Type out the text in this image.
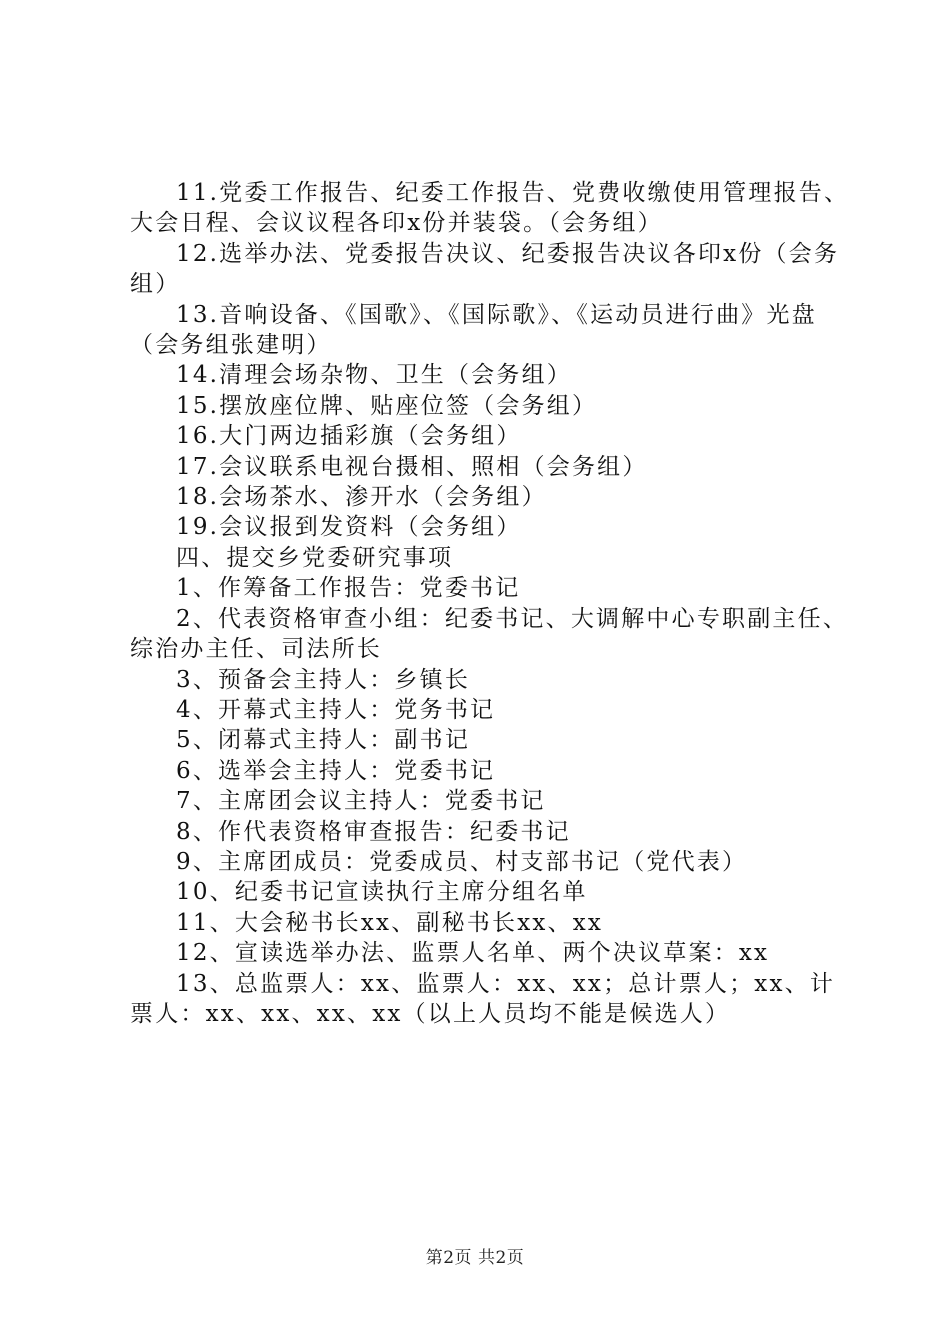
11.党委工作报告、纪委工作报告、党费收缴使用管理报告、大会日程、会议议程各印x份并装袋。（会务组）

12.选举办法、党委报告决议、纪委报告决议各印x份（会务组）

13.音响设备、《国歌》、《国际歌》、《运动员进行曲》光盘（会务组张建明）

14.清理会场杂物、卫生（会务组）

15.摆放座位牌、贴座位签（会务组）

16.大门两边插彩旗（会务组）

17.会议联系电视台摄相、照相（会务组）

18.会场茶水、渗开水（会务组）

19.会议报到发资料（会务组）

四、提交乡党委研究事项

1、作筹备工作报告：党委书记

2、代表资格审查小组：纪委书记、大调解中心专职副主任、综治办主任、司法所长

3、预备会主持人：乡镇长

4、开幕式主持人：党务书记

5、闭幕式主持人：副书记

6、选举会主持人：党委书记

7、主席团会议主持人：党委书记

8、作代表资格审查报告：纪委书记

9、主席团成员：党委成员、村支部书记（党代表）

10、纪委书记宣读执行主席分组名单

11、大会秘书长xx、副秘书长xx、xx

12、宣读选举办法、监票人名单、两个决议草案：xx

13、总监票人：xx、监票人：xx、xx；总计票人；xx、计票人：xx、xx、xx、xx（以上人员均不能是候选人）

第2页 共2页
